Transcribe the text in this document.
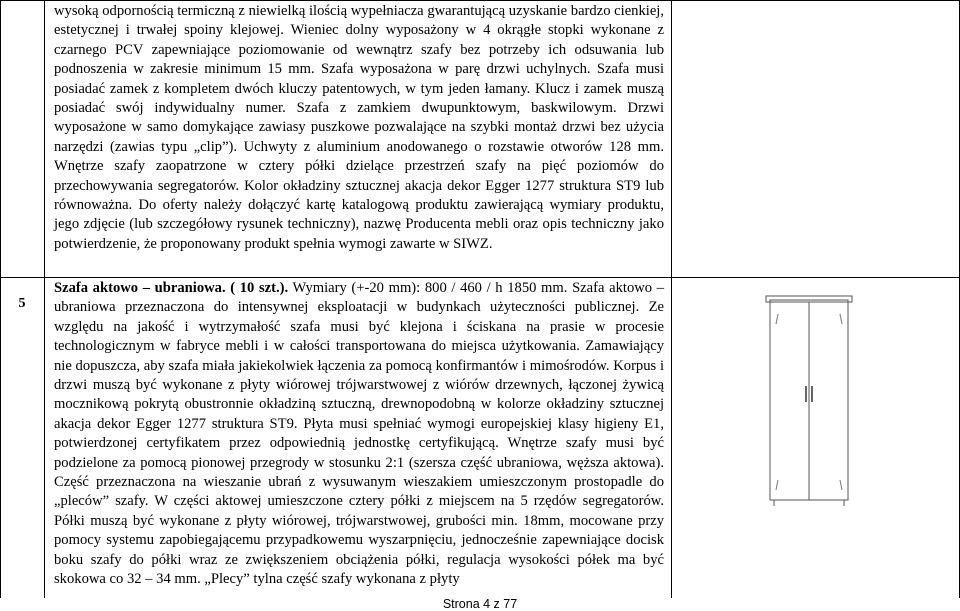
wysoką odpornością termiczną z niewielką ilością wypełniacza gwarantującą uzyskanie bardzo cienkiej, estetycznej i trwałej spoiny klejowej. Wieniec dolny wyposażony w 4 okrągłe stopki wykonane z czarnego PCV zapewniające poziomowanie od wewnątrz szafy bez potrzeby ich odsuwania lub podnoszenia w zakresie minimum 15 mm. Szafa wyposażona w parę drzwi uchylnych. Szafa musi posiadać zamek z kompletem dwóch kluczy patentowych, w tym jeden łamany. Klucz i zamek muszą posiadać swój indywidualny numer. Szafa z zamkiem dwupunktowym, baskwilowym. Drzwi wyposażone w samo domykające zawiasy puszkowe pozwalające na szybki montaż drzwi bez użycia narzędzi (zawias typu „clip”). Uchwyty z aluminium anodowanego o rozstawie otworów 128 mm. Wnętrze szafy zaopatrzone w cztery półki dzielące przestrzeń szafy na pięć poziomów do przechowywania segregatorów. Kolor okładziny sztucznej akacja dekor Egger 1277 struktura ST9 lub równoważna. Do oferty należy dołączyć kartę katalogową produktu zawierającą wymiary produktu, jego zdjęcie (lub szczegółowy rysunek techniczny), nazwę Producenta mebli oraz opis techniczny jako potwierdzenie, że proponowany produkt spełnia wymogi zawarte w SIWZ.

5

Szafa aktowo – ubraniowa. ( 10 szt.). Wymiary (+-20 mm): 800 / 460 / h 1850 mm. Szafa aktowo – ubraniowa przeznaczona do intensywnej eksploatacji w budynkach użyteczności publicznej. Ze względu na jakość i wytrzymałość szafa musi być klejona i ściskana na prasie w procesie technologicznym w fabryce mebli i w całości transportowana do miejsca użytkowania. Zamawiający nie dopuszcza, aby szafa miała jakiekolwiek łączenia za pomocą konfirmantów i mimośrodów. Korpus i drzwi muszą być wykonane z płyty wiórowej trójwarstwowej z wiórów drzewnych, łączonej żywicą mocznikową pokrytą obustronnie okładziną sztuczną, drewnopodobną w kolorze okładziny sztucznej akacja dekor Egger 1277 struktura ST9. Płyta musi spełniać wymogi europejskiej klasy higieny E1, potwierdzonej certyfikatem przez odpowiednią jednostkę certyfikującą. Wnętrze szafy musi być podzielone za pomocą pionowej przegrody w stosunku 2:1 (szersza część ubraniowa, węższa aktowa). Część przeznaczona na wieszanie ubrań z wysuwanym wieszakiem umieszczonym prostopadle do „pleców” szafy. W części aktowej umieszczone cztery półki z miejscem na 5 rzędów segregatorów. Półki muszą być wykonane z płyty wiórowej, trójwarstwowej, grubości min. 18mm, mocowane przy pomocy systemu zapobiegającemu przypadkowemu wyszarpnięciu, jednocześnie zapewniające docisk boku szafy do półki wraz ze zwiększeniem obciążenia półki, regulacja wysokości półek ma być skokowa co 32 – 34 mm. „Plecy” tylna część szafy wykonana z płyty

Strona 4 z 77
